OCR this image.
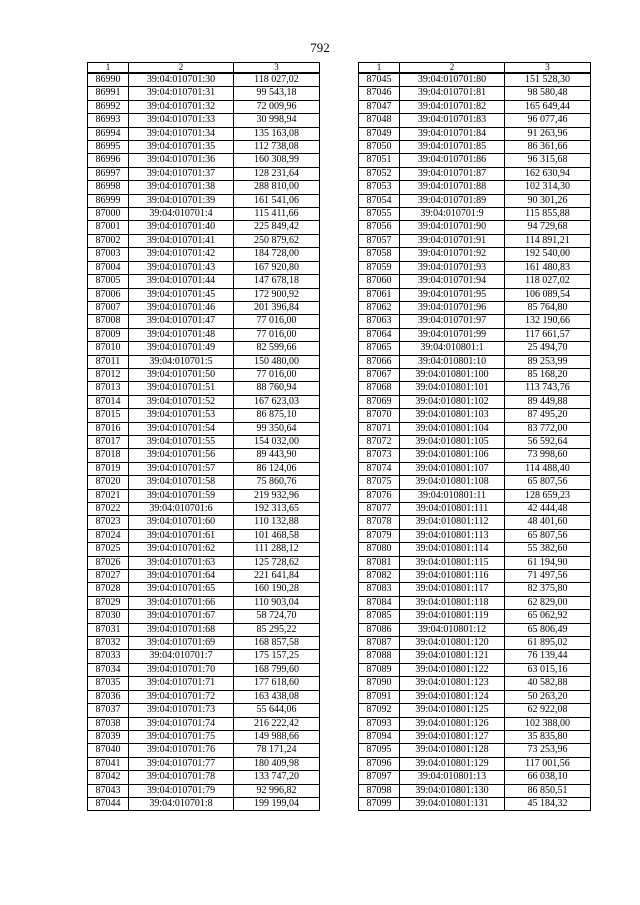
792
1	2	3
86990	39:04:010701:30	118 027,02
86991	39:04:010701:31	99 543,18
86992	39:04:010701:32	72 009,96
86993	39:04:010701:33	30 998,94
86994	39:04:010701:34	135 163,08
86995	39:04:010701:35	112 738,08
86996	39:04:010701:36	160 308,99
86997	39:04:010701:37	128 231,64
86998	39:04:010701:38	288 810,00
86999	39:04:010701:39	161 541,06
87000	39:04:010701:4	115 411,66
87001	39:04:010701:40	225 849,42
87002	39:04:010701:41	250 879,62
87003	39:04:010701:42	184 728,00
87004	39:04:010701:43	167 920,80
87005	39:04:010701:44	147 678,18
87006	39:04:010701:45	172 900,92
87007	39:04:010701:46	201 396,84
87008	39:04:010701:47	77 016,00
87009	39:04:010701:48	77 016,00
87010	39:04:010701:49	82 599,66
87011	39:04:010701:5	150 480,00
87012	39:04:010701:50	77 016,00
87013	39:04:010701:51	88 760,94
87014	39:04:010701:52	167 623,03
87015	39:04:010701:53	86 875,10
87016	39:04:010701:54	99 350,64
87017	39:04:010701:55	154 032,00
87018	39:04:010701:56	89 443,90
87019	39:04:010701:57	86 124,06
87020	39:04:010701:58	75 860,76
87021	39:04:010701:59	219 932,96
87022	39:04:010701:6	192 313,65
87023	39:04:010701:60	110 132,88
87024	39:04:010701:61	101 468,58
87025	39:04:010701:62	111 288,12
87026	39:04:010701:63	125 728,62
87027	39:04:010701:64	221 641,84
87028	39:04:010701:65	160 190,28
87029	39:04:010701:66	110 903,04
87030	39:04:010701:67	58 724,70
87031	39:04:010701:68	85 295,22
87032	39:04:010701:69	168 857,58
87033	39:04:010701:7	175 157,25
87034	39:04:010701:70	168 799,60
87035	39:04:010701:71	177 618,60
87036	39:04:010701:72	163 438,08
87037	39:04:010701:73	55 644,06
87038	39:04:010701:74	216 222,42
87039	39:04:010701:75	149 988,66
87040	39:04:010701:76	78 171,24
87041	39:04:010701:77	180 409,98
87042	39:04:010701:78	133 747,20
87043	39:04:010701:79	92 996,82
87044	39:04:010701:8	199 199,04
1	2	3
87045	39:04:010701:80	151 528,30
87046	39:04:010701:81	98 580,48
87047	39:04:010701:82	165 649,44
87048	39:04:010701:83	96 077,46
87049	39:04:010701:84	91 263,96
87050	39:04:010701:85	86 361,66
87051	39:04:010701:86	96 315,68
87052	39:04:010701:87	162 630,94
87053	39:04:010701:88	102 314,30
87054	39:04:010701:89	90 301,26
87055	39:04:010701:9	115 855,88
87056	39:04:010701:90	94 729,68
87057	39:04:010701:91	114 891,21
87058	39:04:010701:92	192 540,00
87059	39:04:010701:93	161 480,83
87060	39:04:010701:94	118 027,02
87061	39:04:010701:95	106 089,54
87062	39:04:010701:96	85 764,80
87063	39:04:010701:97	132 190,66
87064	39:04:010701:99	117 661,57
87065	39:04:010801:1	25 494,70
87066	39:04:010801:10	89 253,99
87067	39:04:010801:100	85 168,20
87068	39:04:010801:101	113 743,76
87069	39:04:010801:102	89 449,88
87070	39:04:010801:103	87 495,20
87071	39:04:010801:104	83 772,00
87072	39:04:010801:105	56 592,64
87073	39:04:010801:106	73 998,60
87074	39:04:010801:107	114 488,40
87075	39:04:010801:108	65 807,56
87076	39:04:010801:11	128 659,23
87077	39:04:010801:111	42 444,48
87078	39:04:010801:112	48 401,60
87079	39:04:010801:113	65 807,56
87080	39:04:010801:114	55 382,60
87081	39:04:010801:115	61 194,90
87082	39:04:010801:116	71 497,56
87083	39:04:010801:117	82 375,80
87084	39:04:010801:118	62 829,00
87085	39:04:010801:119	65 062,92
87086	39:04:010801:12	65 806,49
87087	39:04:010801:120	61 895,02
87088	39:04:010801:121	76 139,44
87089	39:04:010801:122	63 015,16
87090	39:04:010801:123	40 582,88
87091	39:04:010801:124	50 263,20
87092	39:04:010801:125	62 922,08
87093	39:04:010801:126	102 388,00
87094	39:04:010801:127	35 835,80
87095	39:04:010801:128	73 253,96
87096	39:04:010801:129	117 001,56
87097	39:04:010801:13	66 038,10
87098	39:04:010801:130	86 850,51
87099	39:04:010801:131	45 184,32
